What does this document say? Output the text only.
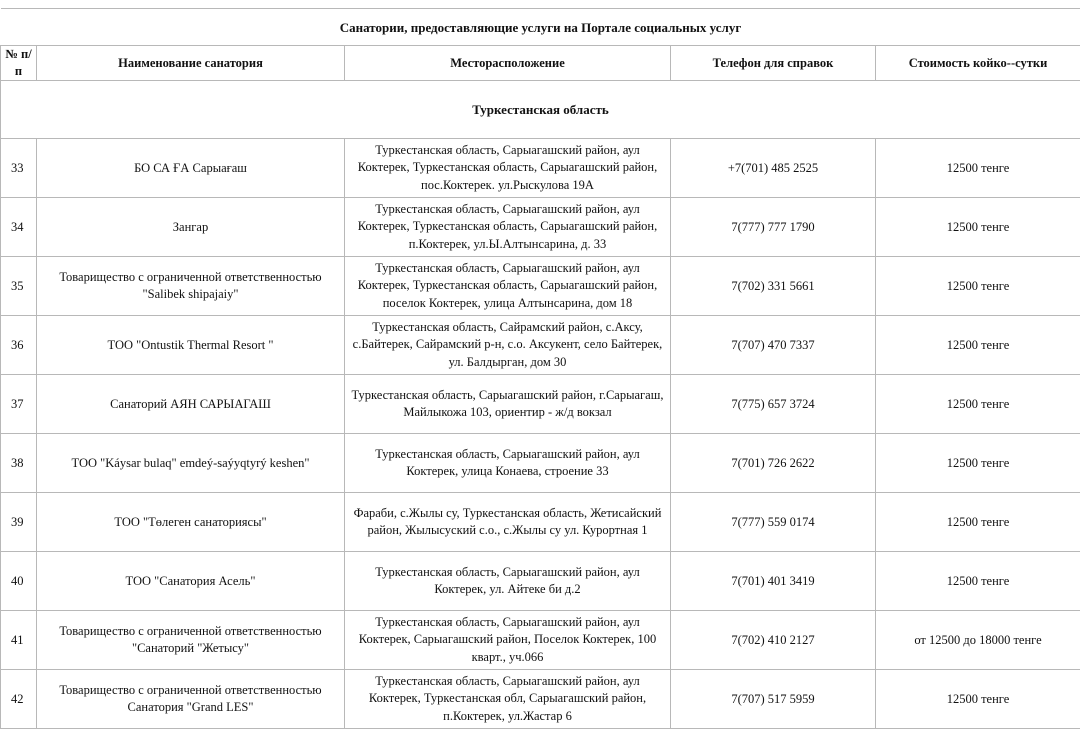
Санатории, предоставляющие услуги на Портале социальных услуг				
№ п/п	Наименование санатория	Месторасположение	Телефон для справок	Стоимость койко--сутки
Туркестанская область				
33	БО СА ҒА Сарыағаш	Туркестанская область, Сарыагашский район, аул Коктерек, Туркестанская область, Сарыагашский район, пос.Коктерек. ул.Рыскулова 19А	+7(701) 485 2525	12500 тенге
34	Зангар	Туркестанская область, Сарыагашский район, аул Коктерек, Туркестанская область, Сарыагашский район, п.Коктерек, ул.Ы.Алтынсарина, д. 33	7(777) 777 1790	12500 тенге
35	Товарищество с ограниченной ответственностью "Salibek shipajaiy"	Туркестанская область, Сарыагашский район, аул Коктерек, Туркестанская область, Сарыагашский район, поселок Коктерек, улица Алтынсарина, дом 18	7(702) 331 5661	12500 тенге
36	ТОО "Ontustik Thermal Resort "	Туркестанская область, Сайрамский район, с.Аксу, с.Байтерек, Сайрамский р-н, с.о. Аксукент, село Байтерек, ул. Балдырган, дом 30	7(707) 470 7337	12500 тенге
37	Санаторий АЯН САРЫАГАШ	Туркестанская область, Сарыагашский район, г.Сарыагаш, Майлыкожа 103, ориентир - ж/д вокзал	7(775) 657 3724	12500 тенге
38	ТОО "Káysar bulaq" emdeý-saýyqtyrý keshen"	Туркестанская область, Сарыагашский район, аул Коктерек, улица Конаева, строение 33	7(701) 726 2622	12500 тенге
39	ТОО "Төлеген санаториясы"	Фараби, с.Жылы су, Туркестанская область, Жетисайский район, Жылысуский с.о., с.Жылы су ул. Курортная 1	7(777) 559 0174	12500 тенге
40	ТОО "Санатория Асель"	Туркестанская область, Сарыагашский район, аул Коктерек, ул. Айтеке би д.2	7(701) 401 3419	12500 тенге
41	Товарищество с ограниченной ответственностью "Санаторий "Жетысу"	Туркестанская область, Сарыагашский район, аул Коктерек, Сарыагашский район, Поселок Коктерек, 100 кварт., уч.066	7(702) 410 2127	от 12500 до 18000 тенге
42	Товарищество с ограниченной ответственностью Санатория "Grand LES"	Туркестанская область, Сарыагашский район, аул Коктерек, Туркестанская обл, Сарыагашский район, п.Коктерек, ул.Жастар 6	7(707) 517 5959	12500 тенге
